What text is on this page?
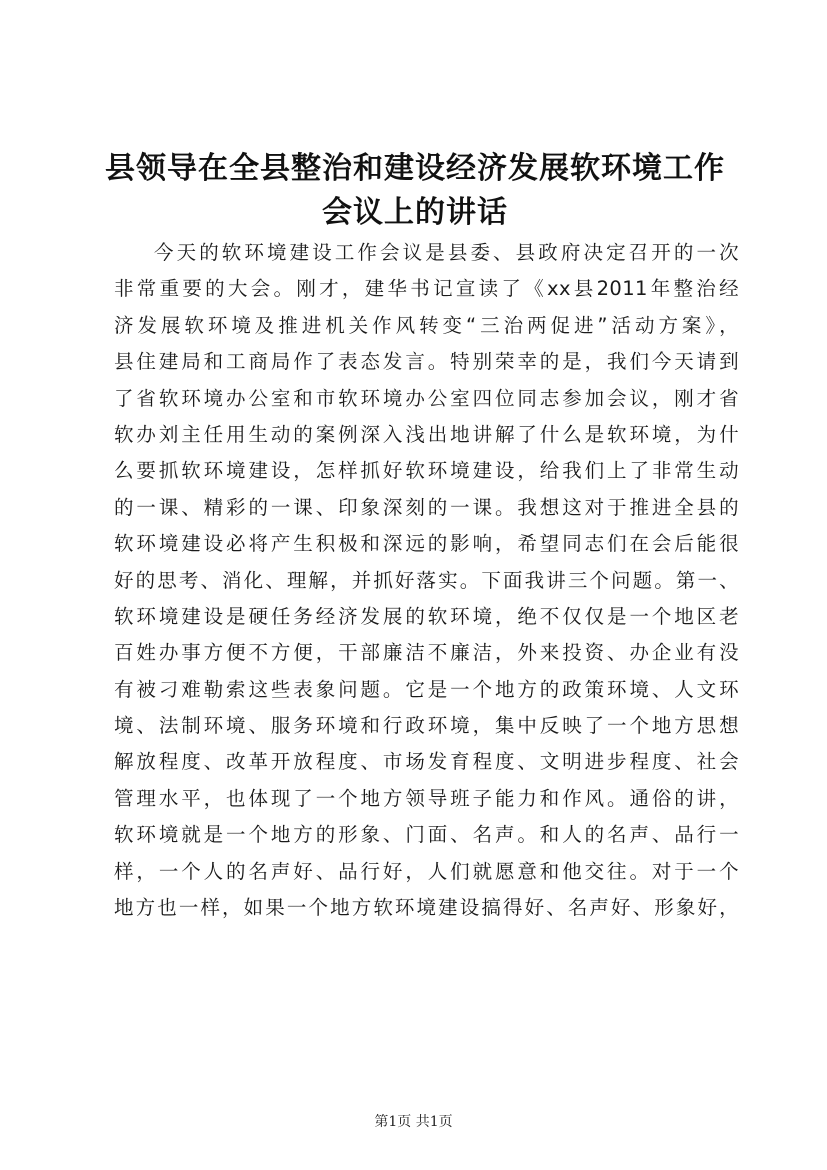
县领导在全县整治和建设经济发展软环境工作
会议上的讲话
今天的软环境建设工作会议是县委、县政府决定召开的一次
非常重要的大会。刚才，建华书记宣读了《xx县2011年整治经
济发展软环境及推进机关作风转变“三治两促进”活动方案》，
县住建局和工商局作了表态发言。特别荣幸的是，我们今天请到
了省软环境办公室和市软环境办公室四位同志参加会议，刚才省
软办刘主任用生动的案例深入浅出地讲解了什么是软环境，为什
么要抓软环境建设，怎样抓好软环境建设，给我们上了非常生动
的一课、精彩的一课、印象深刻的一课。我想这对于推进全县的
软环境建设必将产生积极和深远的影响，希望同志们在会后能很
好的思考、消化、理解，并抓好落实。下面我讲三个问题。第一、
软环境建设是硬任务经济发展的软环境，绝不仅仅是一个地区老
百姓办事方便不方便，干部廉洁不廉洁，外来投资、办企业有没
有被刁难勒索这些表象问题。它是一个地方的政策环境、人文环
境、法制环境、服务环境和行政环境，集中反映了一个地方思想
解放程度、改革开放程度、市场发育程度、文明进步程度、社会
管理水平，也体现了一个地方领导班子能力和作风。通俗的讲，
软环境就是一个地方的形象、门面、名声。和人的名声、品行一
样，一个人的名声好、品行好，人们就愿意和他交往。对于一个
地方也一样，如果一个地方软环境建设搞得好、名声好、形象好，
第1页 共1页
